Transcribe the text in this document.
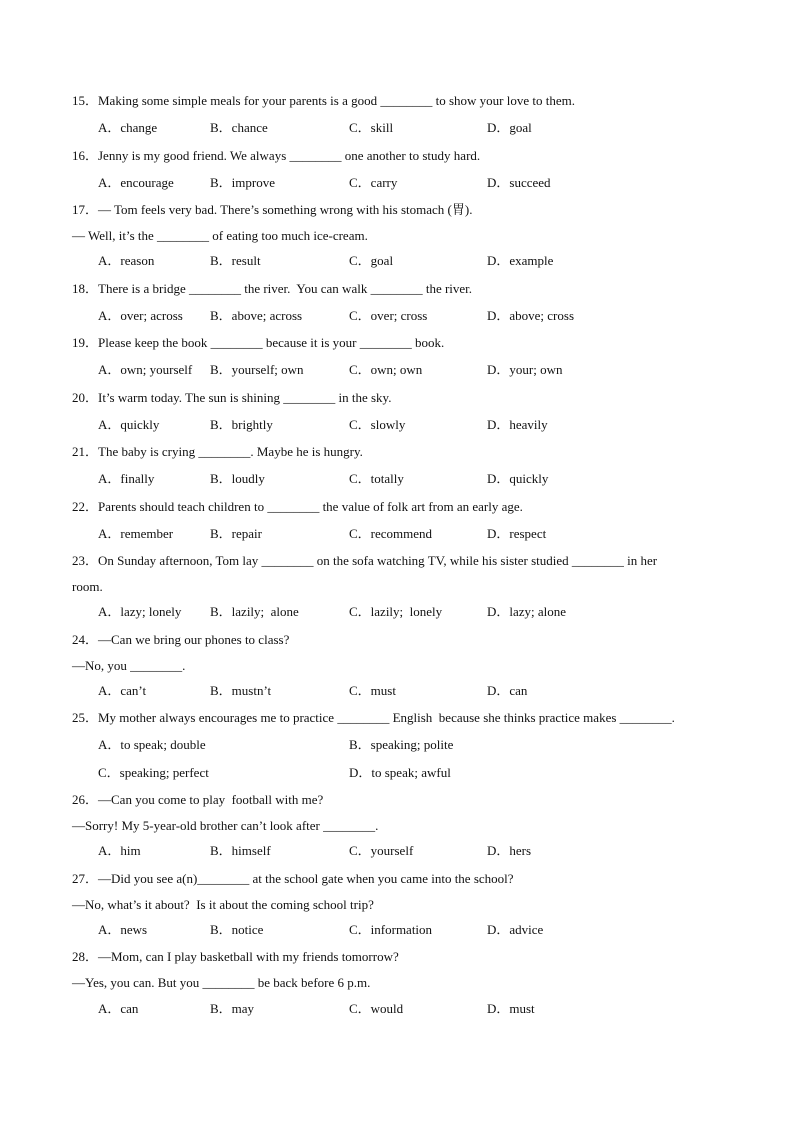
15．Making some simple meals for your parents is a good ________ to show your love to them.
A．change	B．chance	C．skill	D．goal
16．Jenny is my good friend. We always ________ one another to study hard.
A．encourage	B．improve	C．carry	D．succeed
17．— Tom feels very bad. There’s something wrong with his stomach (胃).
— Well, it’s the ________ of eating too much ice-cream.
A．reason	B．result	C．goal	D．example
18．There is a bridge ________ the river.  You can walk ________ the river.
A．over; across B．above; across	C．over; cross	D．above; cross
19．Please keep the book ________ because it is your ________ book.
A．own; yourself B．yourself; own	C．own; own	D．your; own
20．It’s warm today. The sun is shining ________ in the sky.
A．quickly	B．brightly	C．slowly	D．heavily
21．The baby is crying ________. Maybe he is hungry.
A．finally	B．loudly	C．totally	D．quickly
22．Parents should teach children to ________ the value of folk art from an early age.
A．remember	B．repair	C．recommend	D．respect
23．On Sunday afternoon, Tom lay ________ on the sofa watching TV, while his sister studied ________ in her
room.
A．lazy; lonely B．lazily;  alone	C．lazily;  lonely	D．lazy; alone
24．—Can we bring our phones to class?
—No, you ________.
A．can’t	B．mustn’t	C．must	D．can
25．My mother always encourages me to practice ________ English  because she thinks practice makes ________.
A．to speak; double	B．speaking; polite
C．speaking; perfect	D．to speak; awful
26．—Can you come to play  football with me?
—Sorry! My 5-year-old brother can’t look after ________.
A．him	B．himself	C．yourself	D．hers
27．—Did you see a(n)________ at the school gate when you came into the school?
—No, what’s it about?  Is it about the coming school trip?
A．news	B．notice	C．information	D．advice
28．—Mom, can I play basketball with my friends tomorrow?
—Yes, you can. But you ________ be back before 6 p.m.
A．can	B．may	C．would	D．must
